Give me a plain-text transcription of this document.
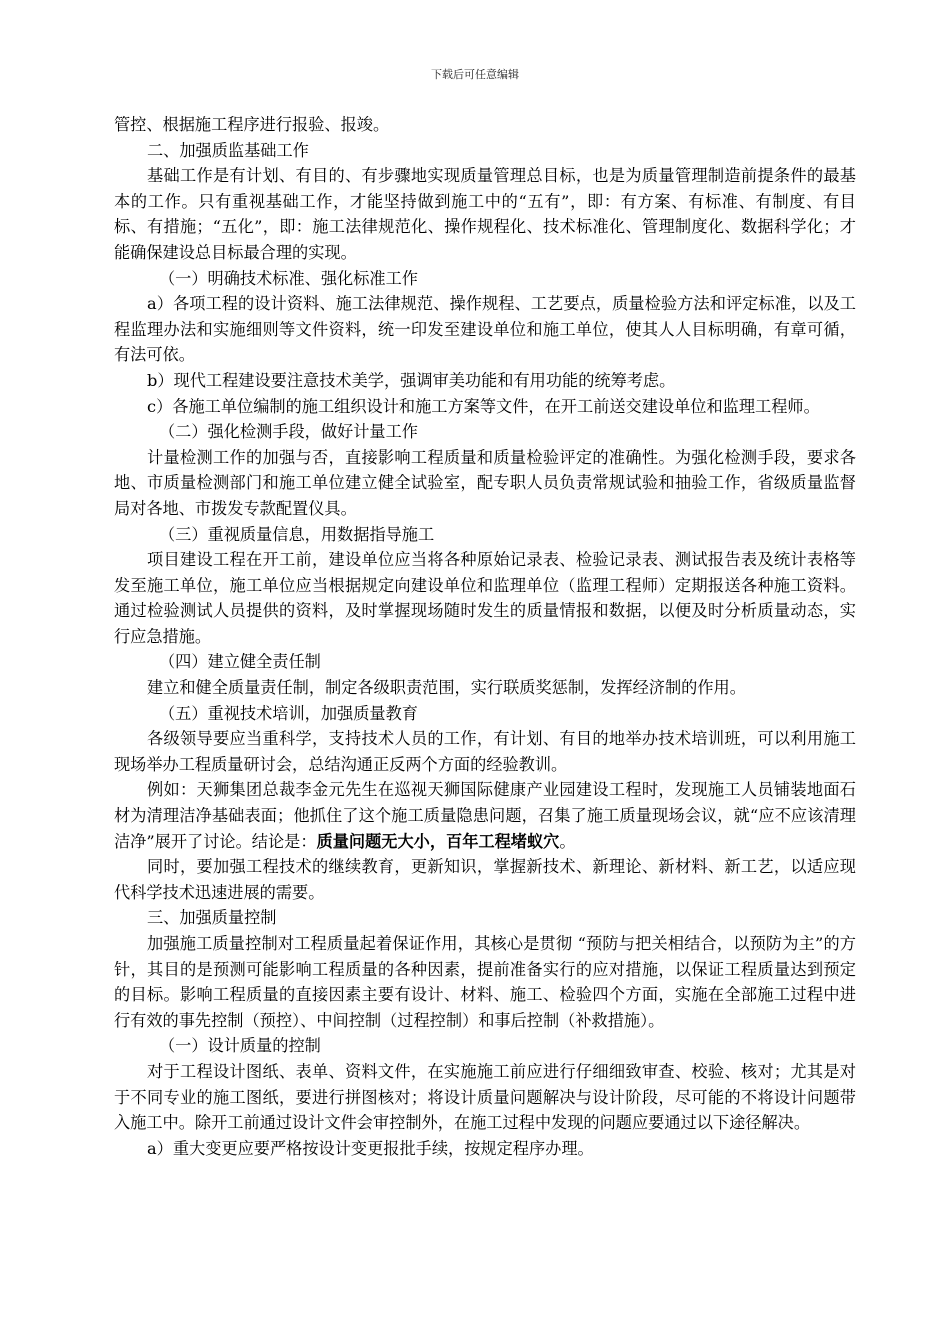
下载后可任意编辑

管控、根据施工程序进行报验、报竣。

二、加强质监基础工作

基础工作是有计划、有目的、有步骤地实现质量管理总目标，也是为质量管理制造前提条件的最基本的工作。只有重视基础工作，才能坚持做到施工中的“五有”，即：有方案、有标准、有制度、有目标、有措施；“五化”，即：施工法律规范化、操作规程化、技术标准化、管理制度化、数据科学化；才能确保建设总目标最合理的实现。

（一）明确技术标准、强化标准工作

a）各项工程的设计资料、施工法律规范、操作规程、工艺要点，质量检验方法和评定标准，以及工程监理办法和实施细则等文件资料，统一印发至建设单位和施工单位，使其人人目标明确，有章可循，有法可依。

b）现代工程建设要注意技术美学，强调审美功能和有用功能的统筹考虑。

c）各施工单位编制的施工组织设计和施工方案等文件，在开工前送交建设单位和监理工程师。

（二）强化检测手段，做好计量工作

计量检测工作的加强与否，直接影响工程质量和质量检验评定的准确性。为强化检测手段，要求各地、市质量检测部门和施工单位建立健全试验室，配专职人员负责常规试验和抽验工作，省级质量监督局对各地、市拨发专款配置仪具。

（三）重视质量信息，用数据指导施工

项目建设工程在开工前，建设单位应当将各种原始记录表、检验记录表、测试报告表及统计表格等发至施工单位，施工单位应当根据规定向建设单位和监理单位（监理工程师）定期报送各种施工资料。通过检验测试人员提供的资料，及时掌握现场随时发生的质量情报和数据，以便及时分析质量动态，实行应急措施。

（四）建立健全责任制

建立和健全质量责任制，制定各级职责范围，实行联质奖惩制，发挥经济制的作用。

（五）重视技术培训，加强质量教育

各级领导要应当重科学，支持技术人员的工作，有计划、有目的地举办技术培训班，可以利用施工现场举办工程质量研讨会，总结沟通正反两个方面的经验教训。

例如：天狮集团总裁李金元先生在巡视天狮国际健康产业园建设工程时，发现施工人员铺装地面石材为清理洁净基础表面；他抓住了这个施工质量隐患问题，召集了施工质量现场会议，就“应不应该清理洁净”展开了讨论。结论是：质量问题无大小，百年工程堵蚁穴。

同时，要加强工程技术的继续教育，更新知识，掌握新技术、新理论、新材料、新工艺，以适应现代科学技术迅速进展的需要。

三、加强质量控制

加强施工质量控制对工程质量起着保证作用，其核心是贯彻 “预防与把关相结合，以预防为主”的方针，其目的是预测可能影响工程质量的各种因素，提前准备实行的应对措施，以保证工程质量达到预定的目标。影响工程质量的直接因素主要有设计、材料、施工、检验四个方面，实施在全部施工过程中进行有效的事先控制（预控）、中间控制（过程控制）和事后控制（补救措施）。

（一）设计质量的控制

对于工程设计图纸、表单、资料文件，在实施施工前应进行仔细细致审查、校验、核对；尤其是对于不同专业的施工图纸，要进行拼图核对；将设计质量问题解决与设计阶段，尽可能的不将设计问题带入施工中。除开工前通过设计文件会审控制外，在施工过程中发现的问题应要通过以下途径解决。

a）重大变更应要严格按设计变更报批手续，按规定程序办理。
